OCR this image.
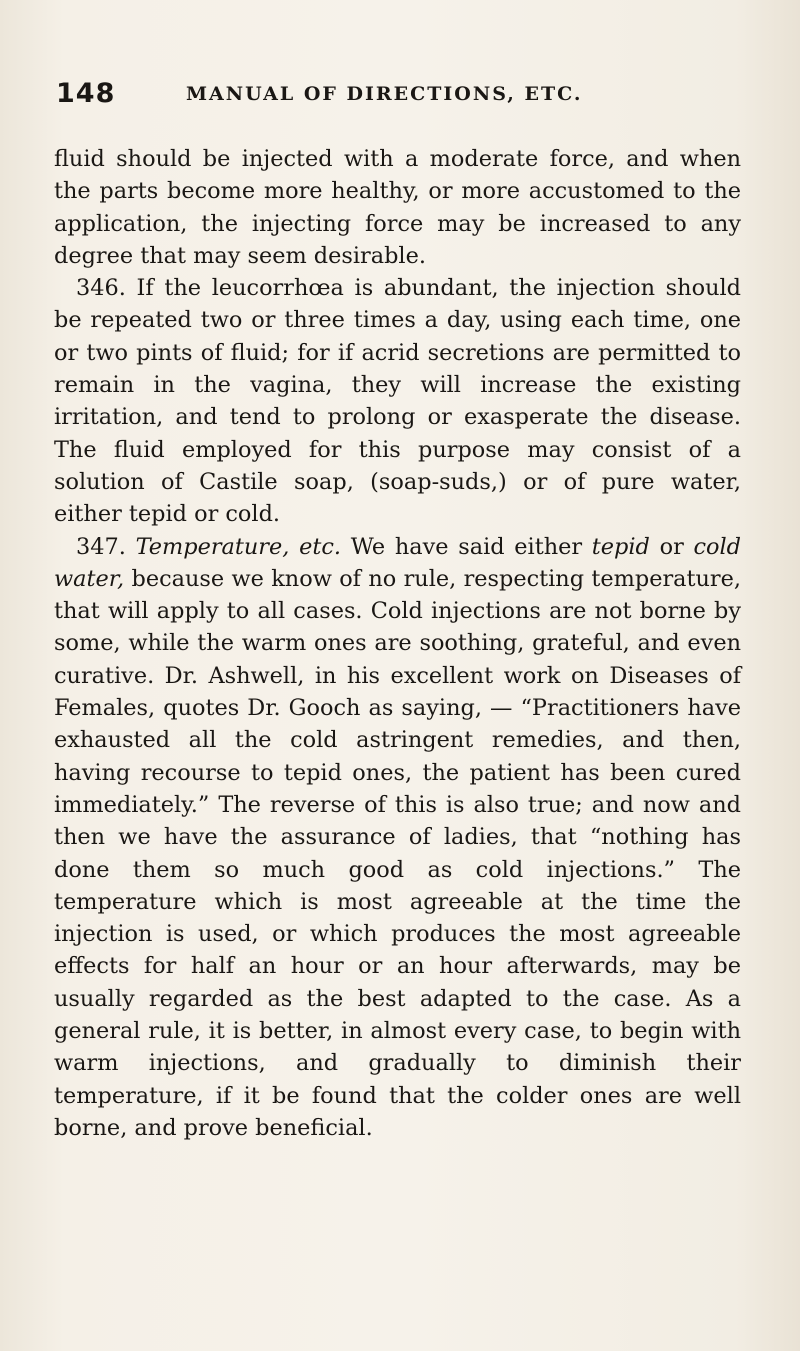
148	MANUAL OF DIRECTIONS, ETC.

fluid should be injected with a moderate force, and when the parts become more healthy, or more accustomed to the application, the injecting force may be increased to any degree that may seem desirable.

346. If the leucorrhœa is abundant, the injection should be repeated two or three times a day, using each time, one or two pints of fluid; for if acrid secretions are permitted to remain in the vagina, they will increase the existing irritation, and tend to prolong or exasperate the disease. The fluid employed for this purpose may consist of a solution of Castile soap, (soap-suds,) or of pure water, either tepid or cold.

347. Temperature, etc. We have said either tepid or cold water, because we know of no rule, respecting temperature, that will apply to all cases. Cold injections are not borne by some, while the warm ones are soothing, grateful, and even curative. Dr. Ashwell, in his excellent work on Diseases of Females, quotes Dr. Gooch as saying, — “Practitioners have exhausted all the cold astringent remedies, and then, having recourse to tepid ones, the patient has been cured immediately.” The reverse of this is also true; and now and then we have the assurance of ladies, that “nothing has done them so much good as cold injections.” The temperature which is most agreeable at the time the injection is used, or which produces the most agreeable effects for half an hour or an hour afterwards, may be usually regarded as the best adapted to the case. As a general rule, it is better, in almost every case, to begin with warm injections, and gradually to diminish their temperature, if it be found that the colder ones are well borne, and prove beneficial.
